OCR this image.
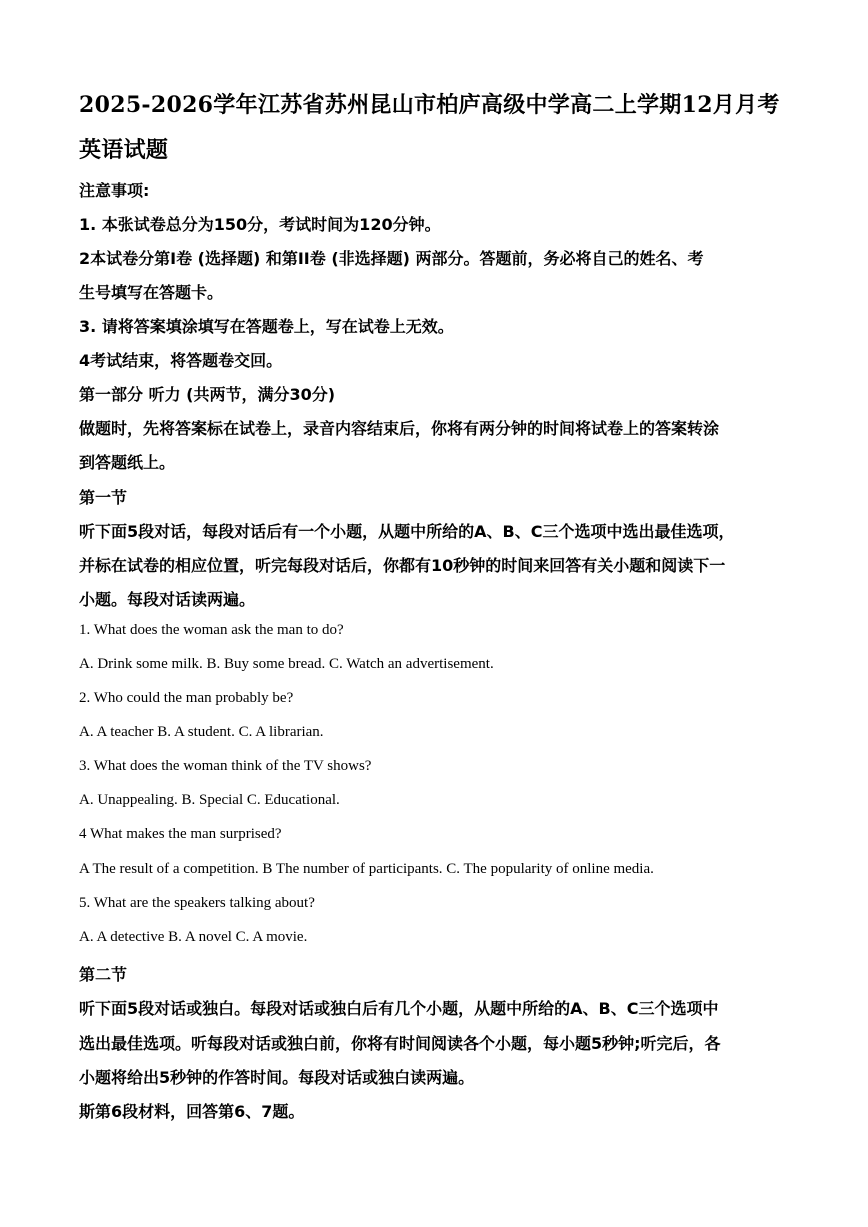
2025-2026学年江苏省苏州昆山市柏庐高级中学高二上学期12月月考
英语试题
注意事项:
1. 本张试卷总分为150分，考试时间为120分钟。
2本试卷分第I卷 (选择题) 和第II卷 (非选择题) 两部分。答题前，务必将自己的姓名、考
生号填写在答题卡。
3. 请将答案填涂填写在答题卷上，写在试卷上无效。
4考试结束，将答题卷交回。
第一部分 听力 (共两节，满分30分)
做题时，先将答案标在试卷上，录音内容结束后，你将有两分钟的时间将试卷上的答案转涂
到答题纸上。
第一节
听下面5段对话，每段对话后有一个小题，从题中所给的A、B、C三个选项中选出最佳选项，
并标在试卷的相应位置，听完每段对话后，你都有10秒钟的时间来回答有关小题和阅读下一
小题。每段对话读两遍。
1. What does the woman ask the man to do?
A. Drink some milk. B. Buy some bread. C. Watch an advertisement.
2. Who could the man probably be?
A. A teacher B. A student. C. A librarian.
3. What does the woman think of the TV shows?
A. Unappealing. B. Special C. Educational.
4 What makes the man surprised?
A The result of a competition. B The number of participants. C. The popularity of online media.
5. What are the speakers talking about?
A. A detective B. A novel C. A movie.
第二节
听下面5段对话或独白。每段对话或独白后有几个小题，从题中所给的A、B、C三个选项中
选出最佳选项。听每段对话或独白前，你将有时间阅读各个小题，每小题5秒钟;听完后，各
小题将给出5秒钟的作答时间。每段对话或独白读两遍。
斯第6段材料，回答第6、7题。
